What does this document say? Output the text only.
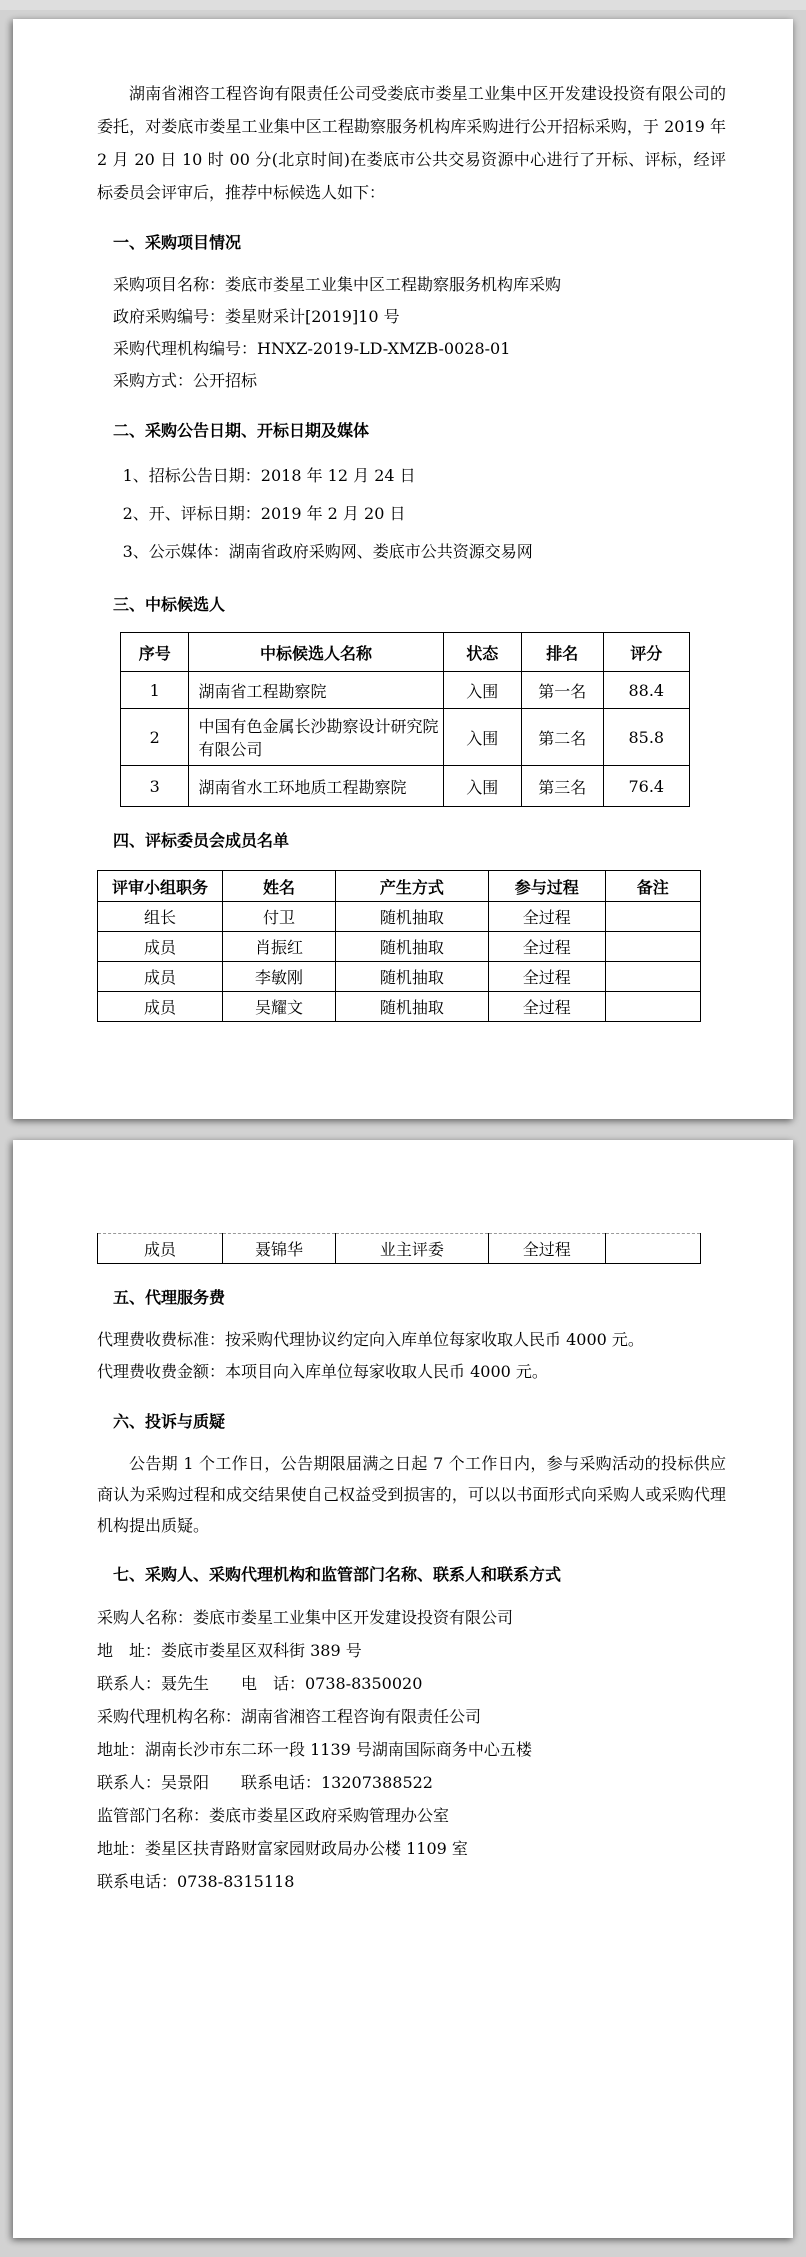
湖南省湘咨工程咨询有限责任公司受娄底市娄星工业集中区开发建设投资有限公司的委托，对娄底市娄星工业集中区工程勘察服务机构库采购进行公开招标采购，于 2019 年 2 月 20 日 10 时 00 分(北京时间)在娄底市公共交易资源中心进行了开标、评标，经评标委员会评审后，推荐中标候选人如下：

一、采购项目情况
采购项目名称：娄底市娄星工业集中区工程勘察服务机构库采购
政府采购编号：娄星财采计[2019]10 号
采购代理机构编号：HNXZ-2019-LD-XMZB-0028-01
采购方式：公开招标
二、采购公告日期、开标日期及媒体
1、招标公告日期：2018 年 12 月 24 日
2、开、评标日期：2019 年 2 月 20 日
3、公示媒体：湖南省政府采购网、娄底市公共资源交易网
三、中标候选人
序号	中标候选人名称	状态	排名	评分
1	湖南省工程勘察院	入围	第一名	88.4
2	中国有色金属长沙勘察设计研究院有限公司	入围	第二名	85.8
3	湖南省水工环地质工程勘察院	入围	第三名	76.4
四、评标委员会成员名单
评审小组职务	姓名	产生方式	参与过程	备注
组长	付卫	随机抽取	全过程	
成员	肖振红	随机抽取	全过程	
成员	李敏刚	随机抽取	全过程	
成员	吴耀文	随机抽取	全过程	
成员	聂锦华	业主评委	全过程	
五、代理服务费
代理费收费标准：按采购代理协议约定向入库单位每家收取人民币 4000 元。
代理费收费金额：本项目向入库单位每家收取人民币 4000 元。
六、投诉与质疑

公告期 1 个工作日，公告期限届满之日起 7 个工作日内，参与采购活动的投标供应商认为采购过程和成交结果使自己权益受到损害的，可以以书面形式向采购人或采购代理机构提出质疑。

七、采购人、采购代理机构和监管部门名称、联系人和联系方式
采购人名称：娄底市娄星工业集中区开发建设投资有限公司
地　址：娄底市娄星区双科街 389 号
联系人：聂先生　　电　话：0738-8350020
采购代理机构名称：湖南省湘咨工程咨询有限责任公司
地址：湖南长沙市东二环一段 1139 号湖南国际商务中心五楼
联系人：吴景阳　　联系电话：13207388522
监管部门名称：娄底市娄星区政府采购管理办公室
地址：娄星区扶青路财富家园财政局办公楼 1109 室
联系电话：0738-8315118
